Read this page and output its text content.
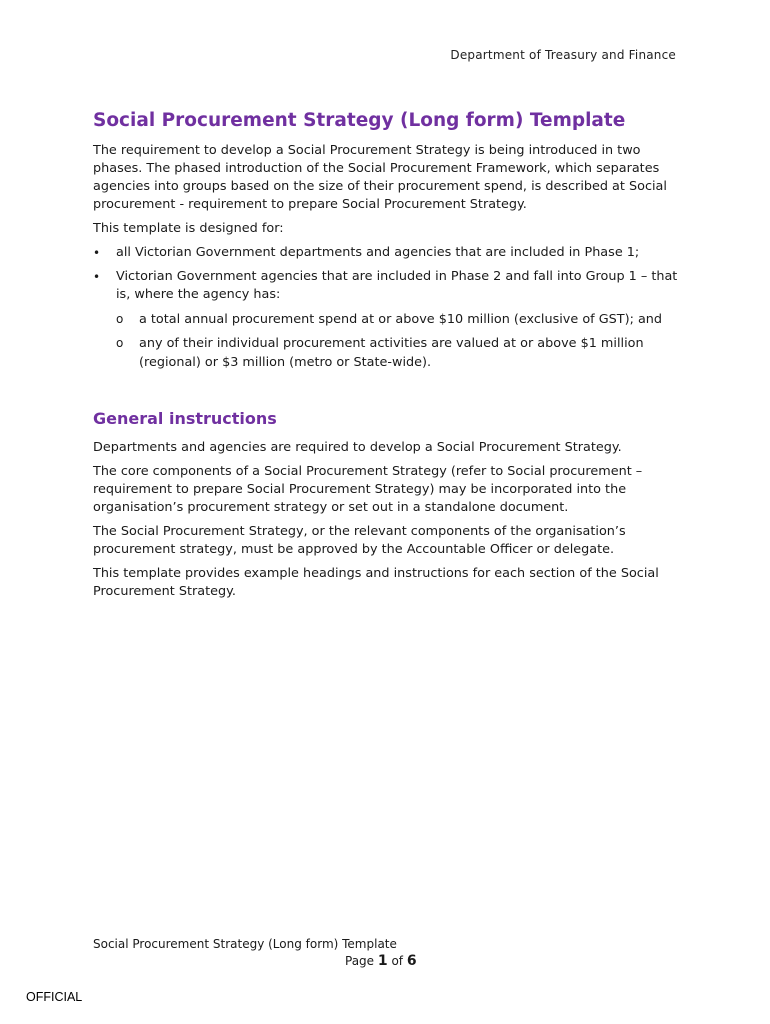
Department of Treasury and Finance
Social Procurement Strategy (Long form) Template

The requirement to develop a Social Procurement Strategy is being introduced in two phases. The phased introduction of the Social Procurement Framework, which separates agencies into groups based on the size of their procurement spend, is described at Social procurement - requirement to prepare Social Procurement Strategy.

This template is designed for:

• all Victorian Government departments and agencies that are included in Phase 1;
• Victorian Government agencies that are included in Phase 2 and fall into Group 1 – that is, where the agency has:
o a total annual procurement spend at or above $10 million (exclusive of GST); and
o any of their individual procurement activities are valued at or above $1 million (regional) or $3 million (metro or State-wide).
General instructions

Departments and agencies are required to develop a Social Procurement Strategy.

The core components of a Social Procurement Strategy (refer to Social procurement – requirement to prepare Social Procurement Strategy) may be incorporated into the organisation’s procurement strategy or set out in a standalone document.

The Social Procurement Strategy, or the relevant components of the organisation’s procurement strategy, must be approved by the Accountable Officer or delegate.

This template provides example headings and instructions for each section of the Social Procurement Strategy.

Social Procurement Strategy (Long form) Template
Page 1 of 6
OFFICIAL
